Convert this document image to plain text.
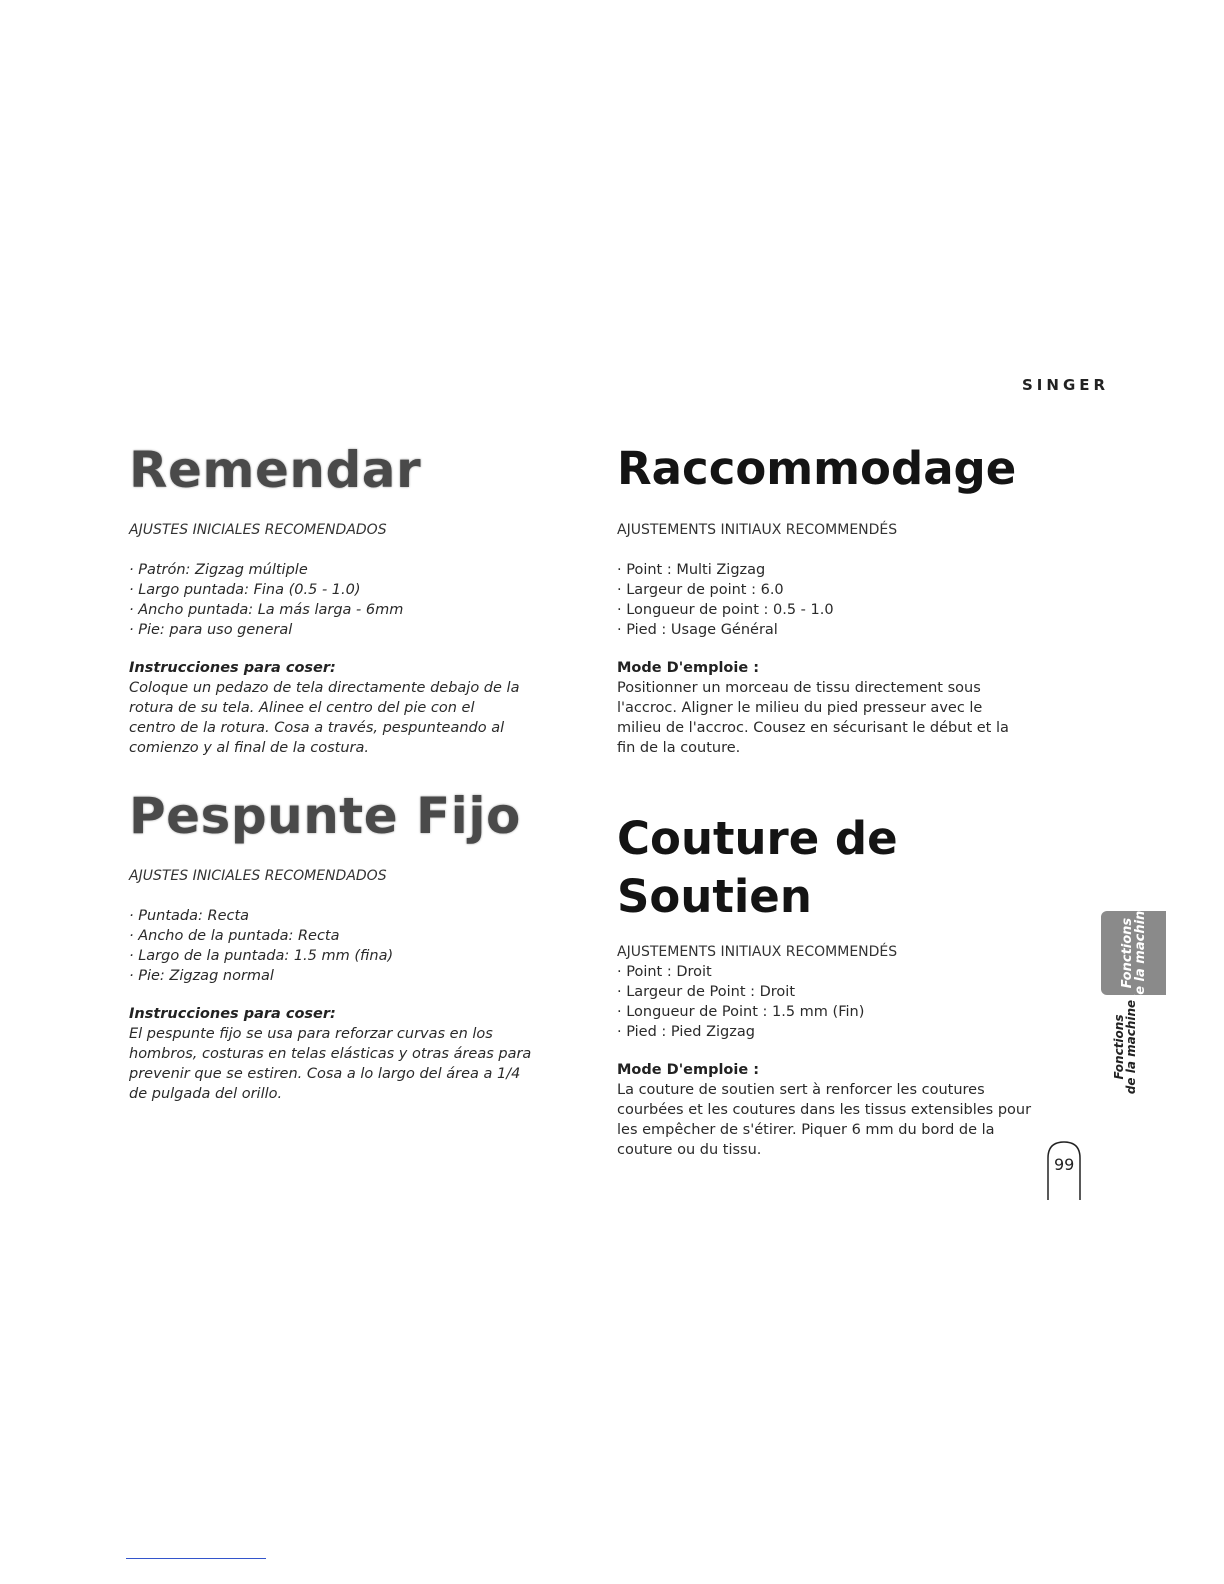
SINGER
Remendar

AJUSTES INICIALES RECOMENDADOS

· Patrón: Zigzag múltiple
· Largo puntada: Fina (0.5 - 1.0)
· Ancho puntada: La más larga - 6mm
· Pie: para uso general
Instrucciones para coser:

Coloque un pedazo de tela directamente debajo de la

rotura de su tela. Alinee el centro del pie con el

centro de la rotura. Cosa a través, pespunteando al

comienzo y al final de la costura.

Pespunte Fijo

AJUSTES INICIALES RECOMENDADOS

· Puntada: Recta
· Ancho de la puntada: Recta
· Largo de la puntada: 1.5 mm (fina)
· Pie: Zigzag normal
Instrucciones para coser:

El pespunte fijo se usa para reforzar curvas en los

hombros, costuras en telas elásticas y otras áreas para

prevenir que se estiren. Cosa a lo largo del área a 1/4

de pulgada del orillo.

Raccommodage

AJUSTEMENTS INITIAUX RECOMMENDÉS

· Point : Multi Zigzag
· Largeur de point : 6.0
· Longueur de point : 0.5 - 1.0
· Pied : Usage Général
Mode D'emploie :

Positionner un morceau de tissu directement sous

l'accroc. Aligner le milieu du pied presseur avec le

milieu de l'accroc. Cousez en sécurisant le début et la

fin de la couture.

Couture de Soutien

AJUSTEMENTS INITIAUX RECOMMENDÉS

· Point : Droit
· Largeur de Point : Droit
· Longueur de Point : 1.5 mm (Fin)
· Pied : Pied Zigzag
Mode D'emploie :

La couture de soutien sert à renforcer les coutures

courbées et les coutures dans les tissus extensibles pour

les empêcher de s'étirer. Piquer 6 mm du bord de la

couture ou du tissu.

Fonctions
de la machine
Fonctions
de la machine
99
